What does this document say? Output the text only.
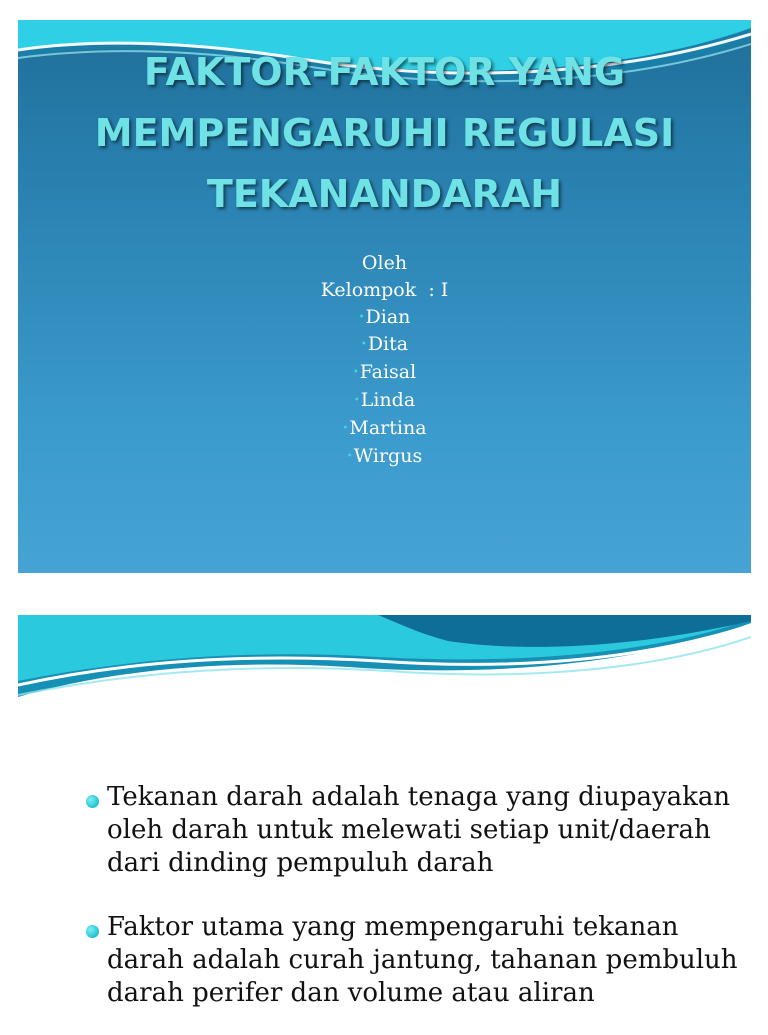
FAKTOR-FAKTOR YANG
MEMPENGARUHI REGULASI
TEKANANDARAH
Oleh
Kelompok  : I
•Dian
•Dita
•Faisal
•Linda
•Martina
•Wirgus
Tekanan darah adalah tenaga yang diupayakan oleh darah untuk melewati setiap unit/daerah dari dinding pempuluh darah
Faktor utama yang mempengaruhi tekanan darah adalah curah jantung, tahanan pembuluh darah perifer dan volume atau aliran
